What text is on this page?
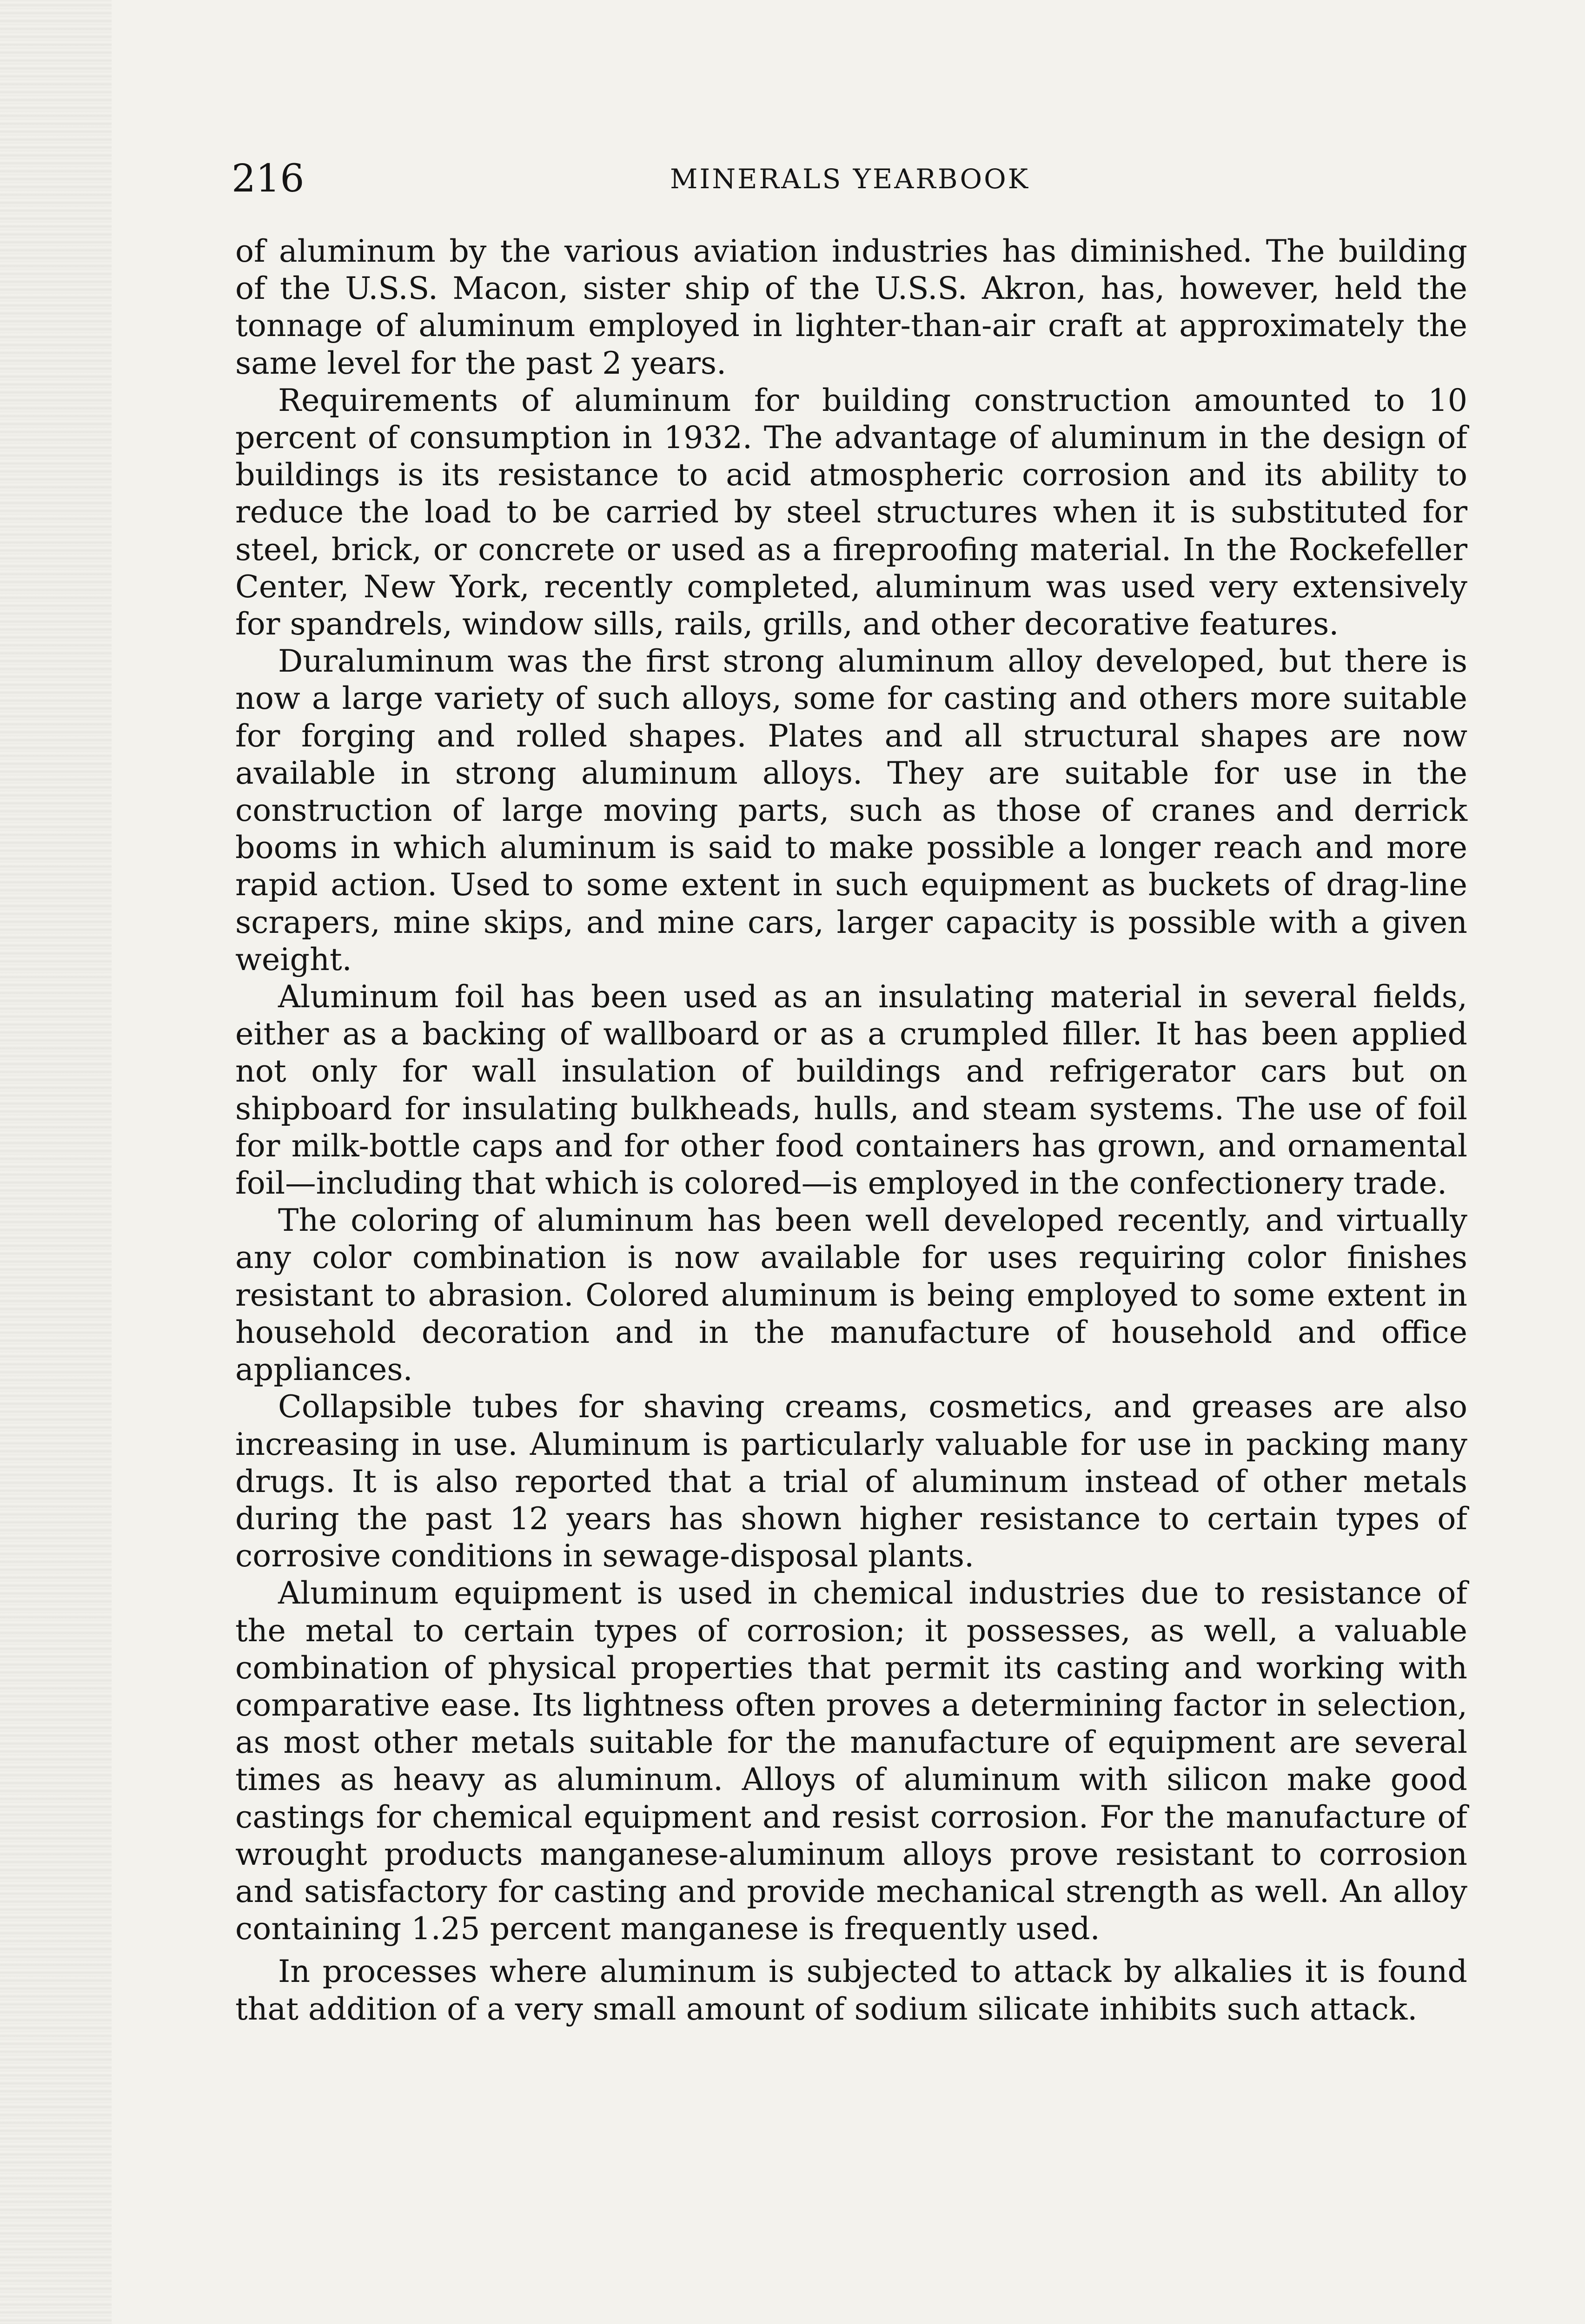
216	MINERALS YEARBOOK

of aluminum by the various aviation industries has diminished. The building of the U.S.S. Macon, sister ship of the U.S.S. Akron, has, however, held the tonnage of aluminum employed in lighter-than-air craft at approximately the same level for the past 2 years.

Requirements of aluminum for building construction amounted to 10 percent of consumption in 1932. The advantage of aluminum in the design of buildings is its resistance to acid atmospheric corrosion and its ability to reduce the load to be carried by steel structures when it is substituted for steel, brick, or concrete or used as a fireproofing material. In the Rockefeller Center, New York, recently completed, aluminum was used very extensively for spandrels, window sills, rails, grills, and other decorative features.

Duraluminum was the first strong aluminum alloy developed, but there is now a large variety of such alloys, some for casting and others more suitable for forging and rolled shapes. Plates and all structural shapes are now available in strong aluminum alloys. They are suitable for use in the construction of large moving parts, such as those of cranes and derrick booms in which aluminum is said to make possible a longer reach and more rapid action. Used to some extent in such equipment as buckets of drag-line scrapers, mine skips, and mine cars, larger capacity is possible with a given weight.

Aluminum foil has been used as an insulating material in several fields, either as a backing of wallboard or as a crumpled filler. It has been applied not only for wall insulation of buildings and refrigerator cars but on shipboard for insulating bulkheads, hulls, and steam systems. The use of foil for milk-bottle caps and for other food containers has grown, and ornamental foil—including that which is colored—is employed in the confectionery trade.

The coloring of aluminum has been well developed recently, and virtually any color combination is now available for uses requiring color finishes resistant to abrasion. Colored aluminum is being employed to some extent in household decoration and in the manufacture of household and office appliances.

Collapsible tubes for shaving creams, cosmetics, and greases are also increasing in use. Aluminum is particularly valuable for use in packing many drugs. It is also reported that a trial of aluminum instead of other metals during the past 12 years has shown higher resistance to certain types of corrosive conditions in sewage-disposal plants.

Aluminum equipment is used in chemical industries due to resistance of the metal to certain types of corrosion; it possesses, as well, a valuable combination of physical properties that permit its casting and working with comparative ease. Its lightness often proves a determining factor in selection, as most other metals suitable for the manufacture of equipment are several times as heavy as aluminum. Alloys of aluminum with silicon make good castings for chemical equipment and resist corrosion. For the manufacture of wrought products manganese-aluminum alloys prove resistant to corrosion and satisfactory for casting and provide mechanical strength as well. An alloy containing 1.25 percent manganese is frequently used.

In processes where aluminum is subjected to attack by alkalies it is found that addition of a very small amount of sodium silicate inhibits such attack.
